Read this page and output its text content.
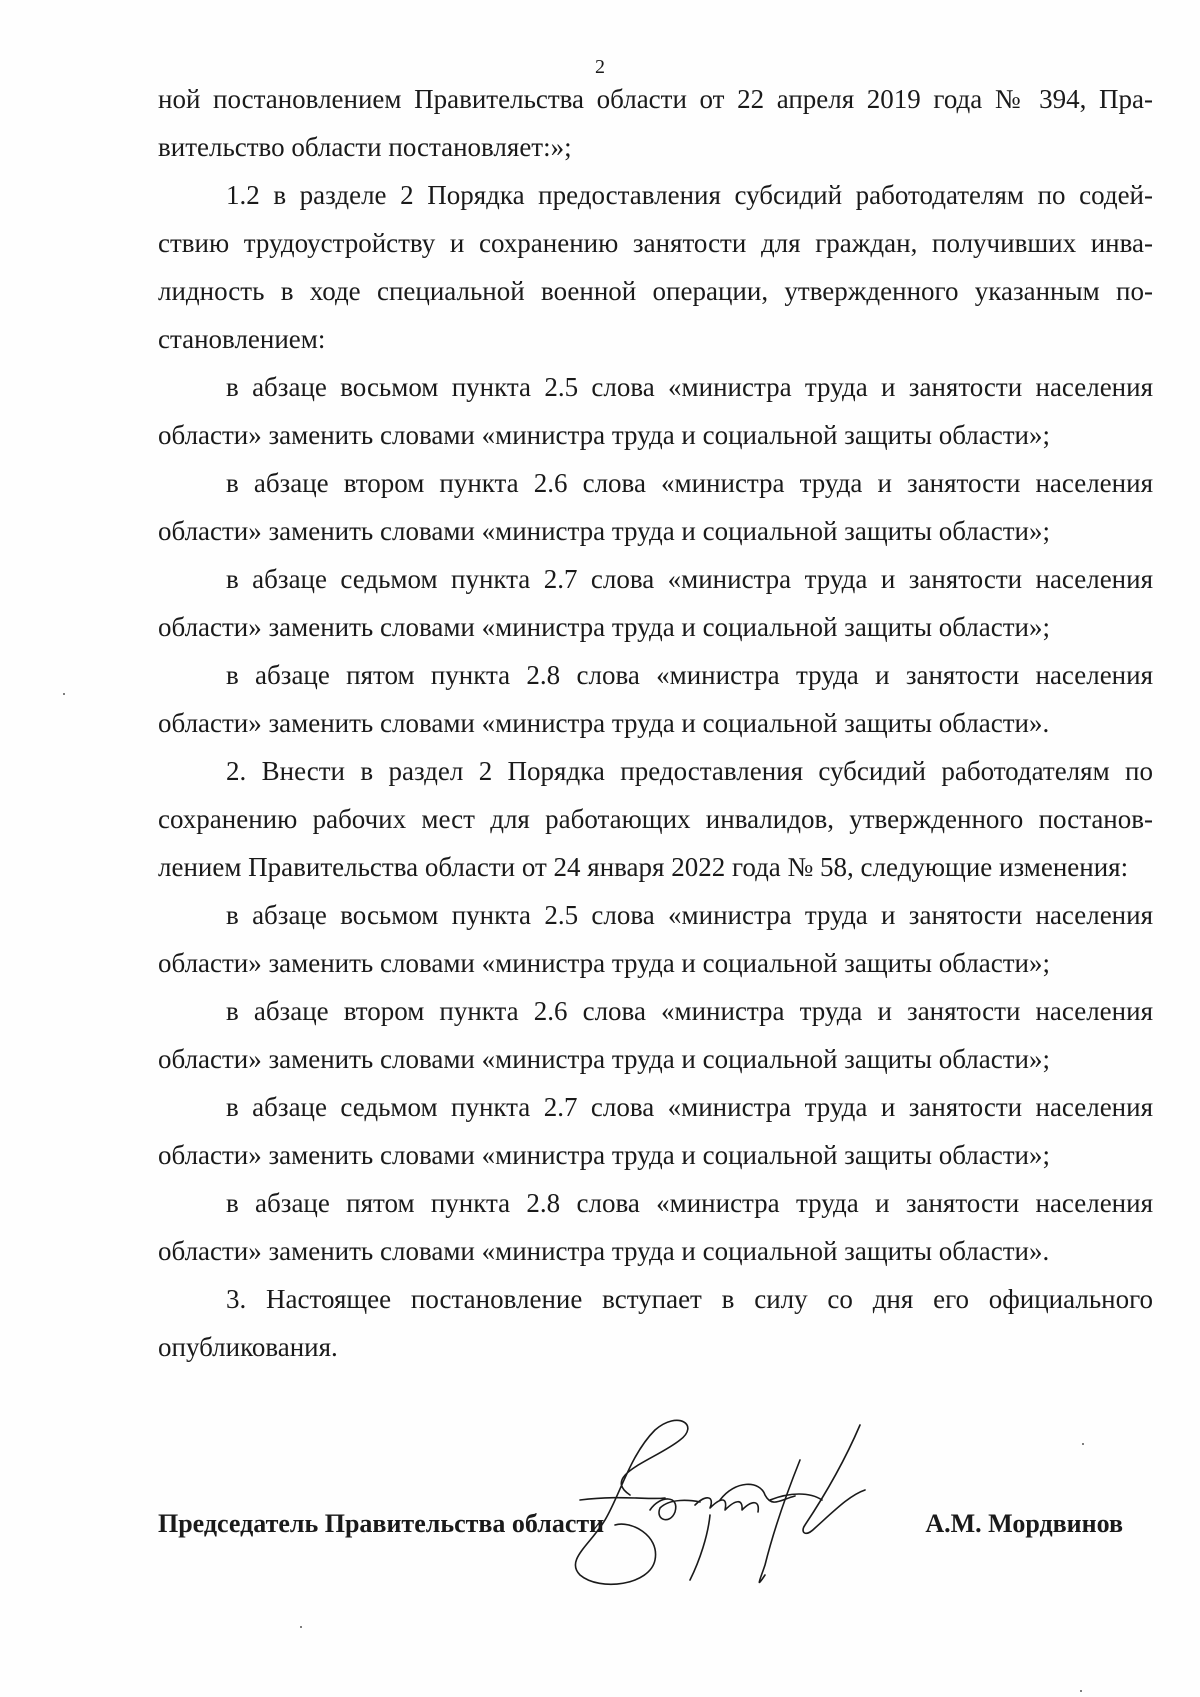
2

ной постановлением Правительства области от 22 апреля 2019 года № 394, Правительство области постановляет:»;

1.2 в разделе 2 Порядка предоставления субсидий работодателям по содействию трудоустройству и сохранению занятости для граждан, получивших инвалидность в ходе специальной военной операции, утвержденного указанным постановлением:

в абзаце восьмом пункта 2.5 слова «министра труда и занятости населения области» заменить словами «министра труда и социальной защиты области»;

в абзаце втором пункта 2.6 слова «министра труда и занятости населения области» заменить словами «министра труда и социальной защиты области»;

в абзаце седьмом пункта 2.7 слова «министра труда и занятости населения области» заменить словами «министра труда и социальной защиты области»;

в абзаце пятом пункта 2.8 слова «министра труда и занятости населения области» заменить словами «министра труда и социальной защиты области».

2. Внести в раздел 2 Порядка предоставления субсидий работодателям по сохранению рабочих мест для работающих инвалидов, утвержденного постановлением Правительства области от 24 января 2022 года № 58, следующие изменения:

в абзаце восьмом пункта 2.5 слова «министра труда и занятости населения области» заменить словами «министра труда и социальной защиты области»;

в абзаце втором пункта 2.6 слова «министра труда и занятости населения области» заменить словами «министра труда и социальной защиты области»;

в абзаце седьмом пункта 2.7 слова «министра труда и занятости населения области» заменить словами «министра труда и социальной защиты области»;

в абзаце пятом пункта 2.8 слова «министра труда и занятости населения области» заменить словами «министра труда и социальной защиты области».

3. Настоящее постановление вступает в силу со дня его официального опубликования.

Председатель Правительства области	А.М. Мордвинов
